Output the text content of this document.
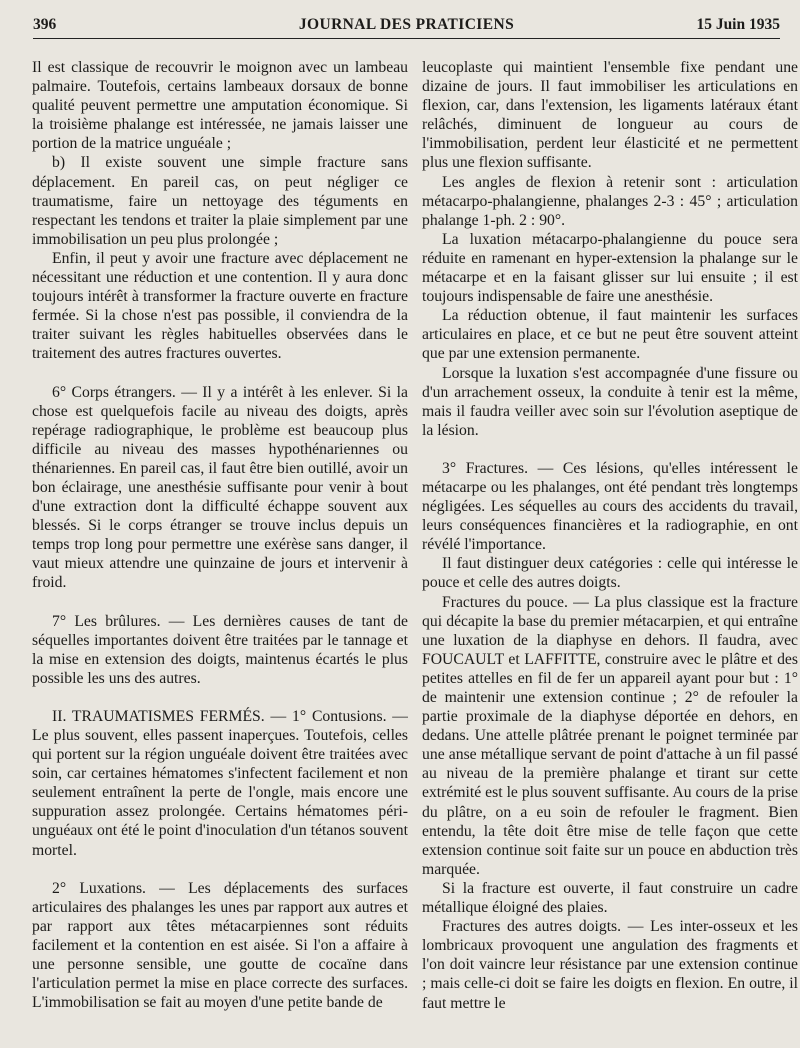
396	JOURNAL DES PRATICIENS	15 Juin 1935

Il est classique de recouvrir le moignon avec un lambeau palmaire. Toutefois, certains lambeaux dorsaux de bonne qualité peuvent permettre une amputation économique. Si la troisième phalange est intéressée, ne jamais laisser une portion de la matrice unguéale ;

b) Il existe souvent une simple fracture sans déplacement. En pareil cas, on peut négliger ce traumatisme, faire un nettoyage des téguments en respectant les tendons et traiter la plaie simplement par une immobilisation un peu plus prolongée ;

Enfin, il peut y avoir une fracture avec déplacement ne nécessitant une réduction et une contention. Il y aura donc toujours intérêt à transformer la fracture ouverte en fracture fermée. Si la chose n'est pas possible, il conviendra de la traiter suivant les règles habituelles observées dans le traitement des autres fractures ouvertes.

6° Corps étrangers. — Il y a intérêt à les enlever. Si la chose est quelquefois facile au niveau des doigts, après repérage radiographique, le problème est beaucoup plus difficile au niveau des masses hypothénariennes ou thénariennes. En pareil cas, il faut être bien outillé, avoir un bon éclairage, une anesthésie suffisante pour venir à bout d'une extraction dont la difficulté échappe souvent aux blessés. Si le corps étranger se trouve inclus depuis un temps trop long pour permettre une exérèse sans danger, il vaut mieux attendre une quinzaine de jours et intervenir à froid.

7° Les brûlures. — Les dernières causes de tant de séquelles importantes doivent être traitées par le tannage et la mise en extension des doigts, maintenus écartés le plus possible les uns des autres.

II. TRAUMATISMES FERMÉS. — 1° Contusions. — Le plus souvent, elles passent inaperçues. Toutefois, celles qui portent sur la région unguéale doivent être traitées avec soin, car certaines hématomes s'infectent facilement et non seulement entraînent la perte de l'ongle, mais encore une suppuration assez prolongée. Certains hématomes péri-unguéaux ont été le point d'inoculation d'un tétanos souvent mortel.

2° Luxations. — Les déplacements des surfaces articulaires des phalanges les unes par rapport aux autres et par rapport aux têtes métacarpiennes sont réduits facilement et la contention en est aisée. Si l'on a affaire à une personne sensible, une goutte de cocaïne dans l'articulation permet la mise en place correcte des surfaces. L'immobilisation se fait au moyen d'une petite bande de

leucoplaste qui maintient l'ensemble fixe pendant une dizaine de jours. Il faut immobiliser les articulations en flexion, car, dans l'extension, les ligaments latéraux étant relâchés, diminuent de longueur au cours de l'immobilisation, perdent leur élasticité et ne permettent plus une flexion suffisante.

Les angles de flexion à retenir sont : articulation métacarpo-phalangienne, phalanges 2-3 : 45° ; articulation phalange 1-ph. 2 : 90°.

La luxation métacarpo-phalangienne du pouce sera réduite en ramenant en hyper-extension la phalange sur le métacarpe et en la faisant glisser sur lui ensuite ; il est toujours indispensable de faire une anesthésie.

La réduction obtenue, il faut maintenir les surfaces articulaires en place, et ce but ne peut être souvent atteint que par une extension permanente.

Lorsque la luxation s'est accompagnée d'une fissure ou d'un arrachement osseux, la conduite à tenir est la même, mais il faudra veiller avec soin sur l'évolution aseptique de la lésion.

3° Fractures. — Ces lésions, qu'elles intéressent le métacarpe ou les phalanges, ont été pendant très longtemps négligées. Les séquelles au cours des accidents du travail, leurs conséquences financières et la radiographie, en ont révélé l'importance.

Il faut distinguer deux catégories : celle qui intéresse le pouce et celle des autres doigts.

Fractures du pouce. — La plus classique est la fracture qui décapite la base du premier métacarpien, et qui entraîne une luxation de la diaphyse en dehors. Il faudra, avec FOUCAULT et LAFFITTE, construire avec le plâtre et des petites attelles en fil de fer un appareil ayant pour but : 1° de maintenir une extension continue ; 2° de refouler la partie proximale de la diaphyse déportée en dehors, en dedans. Une attelle plâtrée prenant le poignet terminée par une anse métallique servant de point d'attache à un fil passé au niveau de la première phalange et tirant sur cette extrémité est le plus souvent suffisante. Au cours de la prise du plâtre, on a eu soin de refouler le fragment. Bien entendu, la tête doit être mise de telle façon que cette extension continue soit faite sur un pouce en abduction très marquée.

Si la fracture est ouverte, il faut construire un cadre métallique éloigné des plaies.

Fractures des autres doigts. — Les inter-osseux et les lombricaux provoquent une angulation des fragments et l'on doit vaincre leur résistance par une extension continue ; mais celle-ci doit se faire les doigts en flexion. En outre, il faut mettre le
